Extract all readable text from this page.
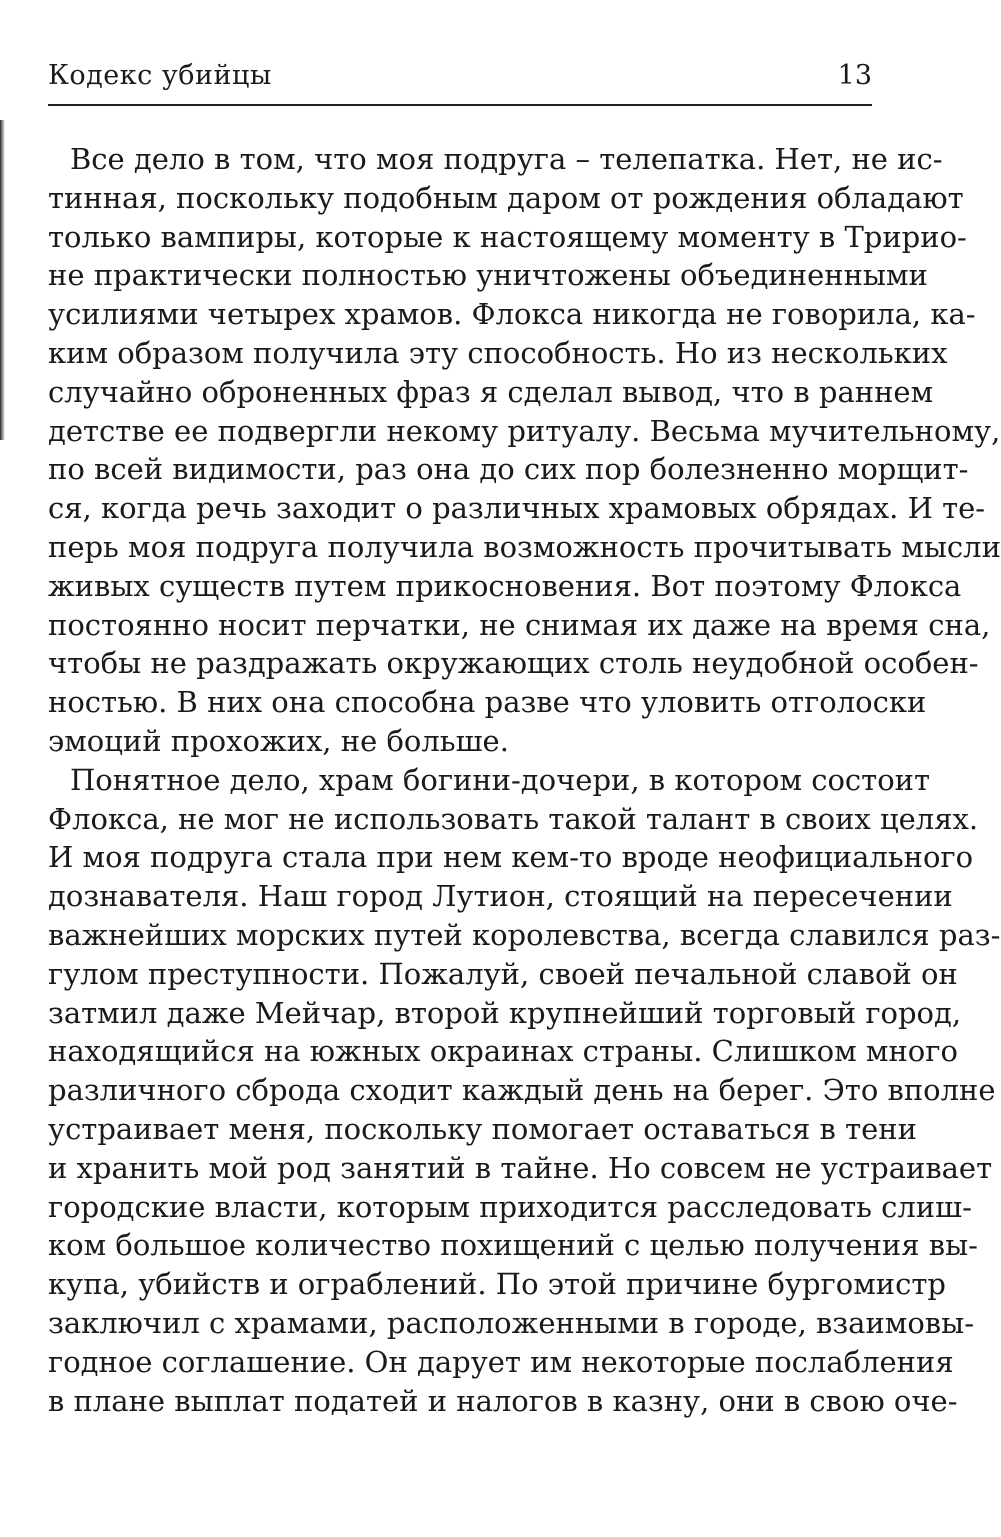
Кодекс убийцы	13
Все дело в том, что моя подруга – телепатка. Нет, не ис-
тинная, поскольку подобным даром от рождения обладают
только вампиры, которые к настоящему моменту в Тририо-
не практически полностью уничтожены объединенными
усилиями четырех храмов. Флокса никогда не говорила, ка-
ким образом получила эту способность. Но из нескольких
случайно оброненных фраз я сделал вывод, что в раннем
детстве ее подвергли некому ритуалу. Весьма мучительному,
по всей видимости, раз она до сих пор болезненно морщит-
ся, когда речь заходит о различных храмовых обрядах. И те-
перь моя подруга получила возможность прочитывать мысли
живых существ путем прикосновения. Вот поэтому Флокса
постоянно носит перчатки, не снимая их даже на время сна,
чтобы не раздражать окружающих столь неудобной особен-
ностью. В них она способна разве что уловить отголоски
эмоций прохожих, не больше.
Понятное дело, храм богини-дочери, в котором состоит
Флокса, не мог не использовать такой талант в своих целях.
И моя подруга стала при нем кем-то вроде неофициального
дознавателя. Наш город Лутион, стоящий на пересечении
важнейших морских путей королевства, всегда славился раз-
гулом преступности. Пожалуй, своей печальной славой он
затмил даже Мейчар, второй крупнейший торговый город,
находящийся на южных окраинах страны. Слишком много
различного сброда сходит каждый день на берег. Это вполне
устраивает меня, поскольку помогает оставаться в тени
и хранить мой род занятий в тайне. Но совсем не устраивает
городские власти, которым приходится расследовать слиш-
ком большое количество похищений с целью получения вы-
купа, убийств и ограблений. По этой причине бургомистр
заключил с храмами, расположенными в городе, взаимовы-
годное соглашение. Он дарует им некоторые послабления
в плане выплат податей и налогов в казну, они в свою оче-
